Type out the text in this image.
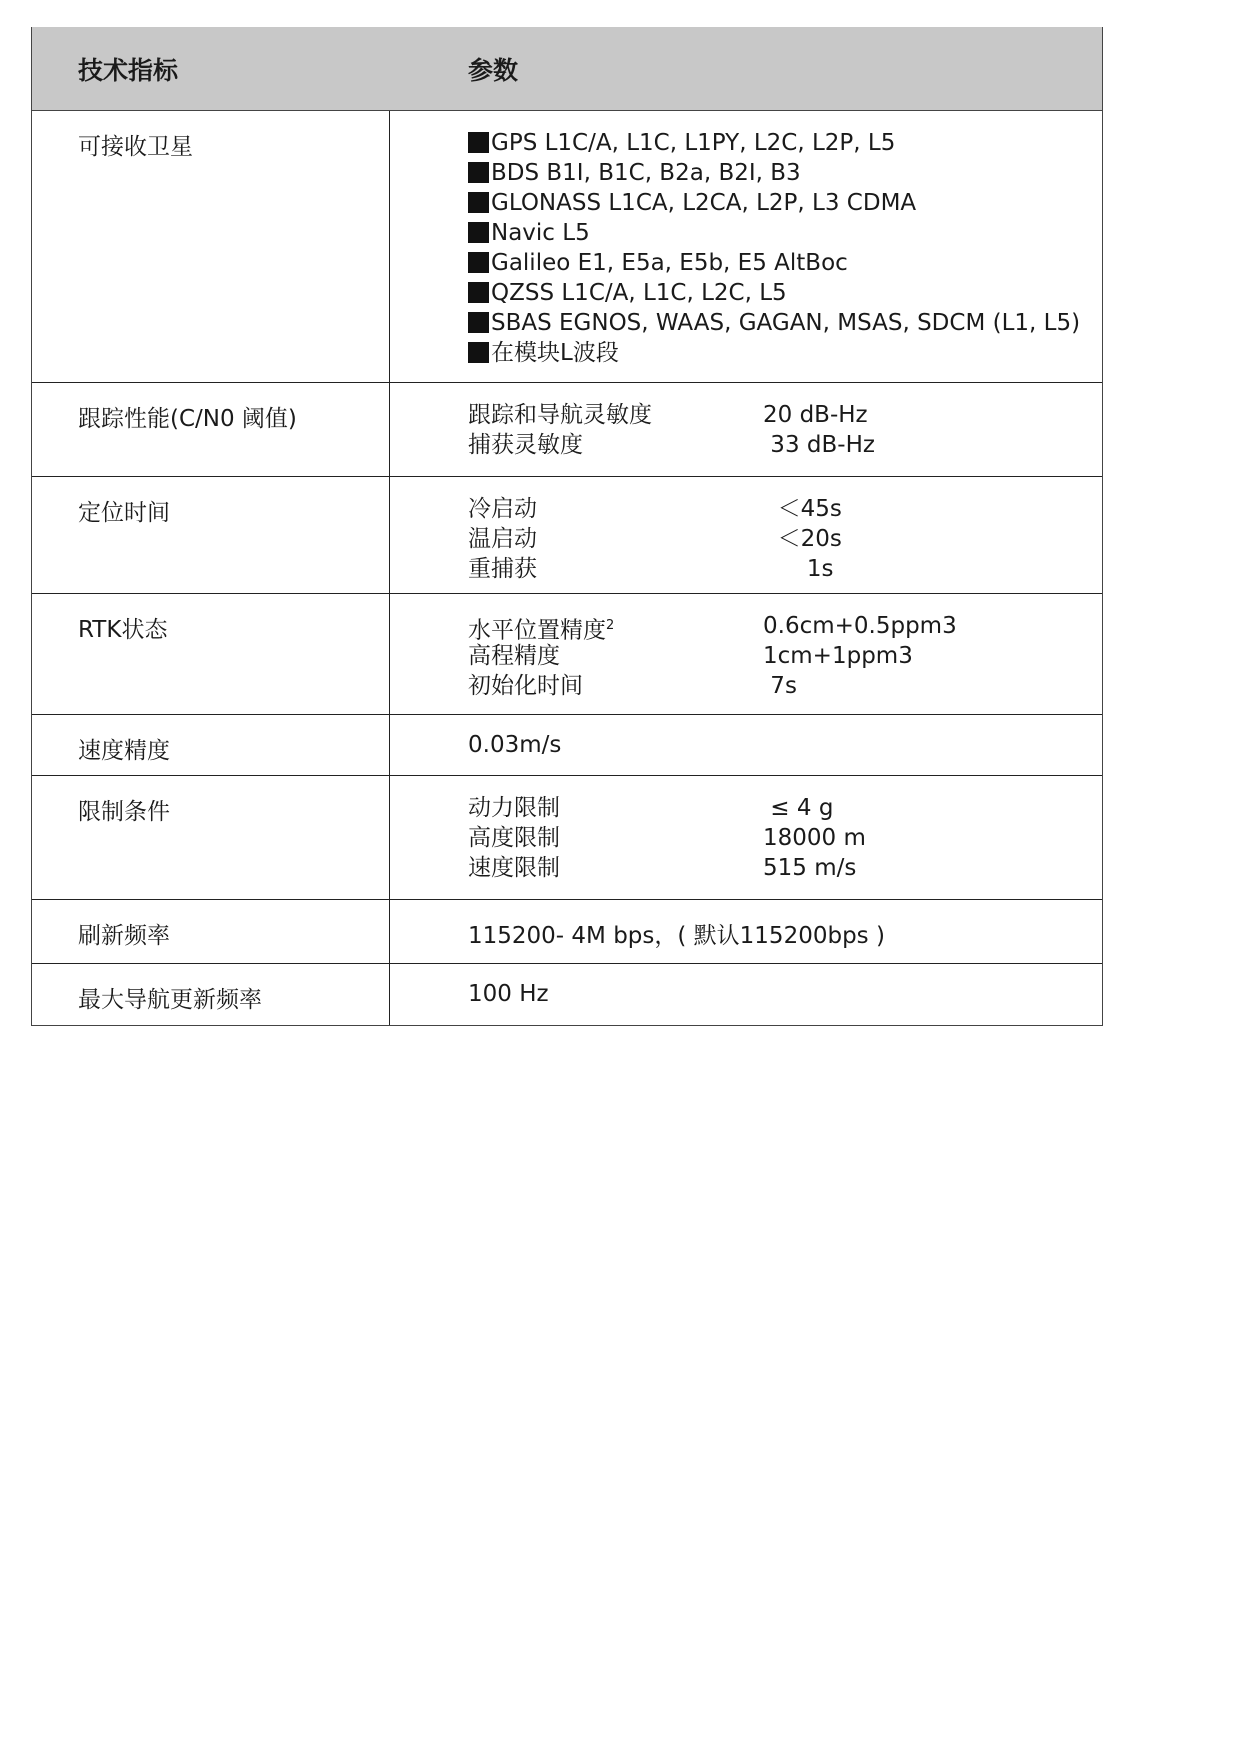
技术指标	参数
可接收卫星	GPS L1C/A, L1C, L1PY, L2C, L2P, L5
BDS B1I, B1C, B2a, B2I, B3
GLONASS L1CA, L2CA, L2P, L3 CDMA
Navic L5
Galileo E1, E5a, E5b, E5 AltBoc
QZSS L1C/A, L1C, L2C, L5
SBAS EGNOS, WAAS, GAGAN, MSAS, SDCM (L1, L5)
在模块L波段
跟踪性能(C/N0 阈值)	跟踪和导航灵敏度	20 dB-Hz
捕获灵敏度	33 dB-Hz
定位时间	冷启动	＜45s
温启动	＜20s
重捕获	1s
RTK状态	水平位置精度$^2$	0.6cm+0.5ppm3
高程精度	1cm+1ppm3
初始化时间	7s
速度精度	0.03m/s
限制条件	动力限制	≤ 4 g
高度限制	18000 m
速度限制	515 m/s
刷新频率	115200- 4M bps，( 默认115200bps )
最大导航更新频率	100 Hz
